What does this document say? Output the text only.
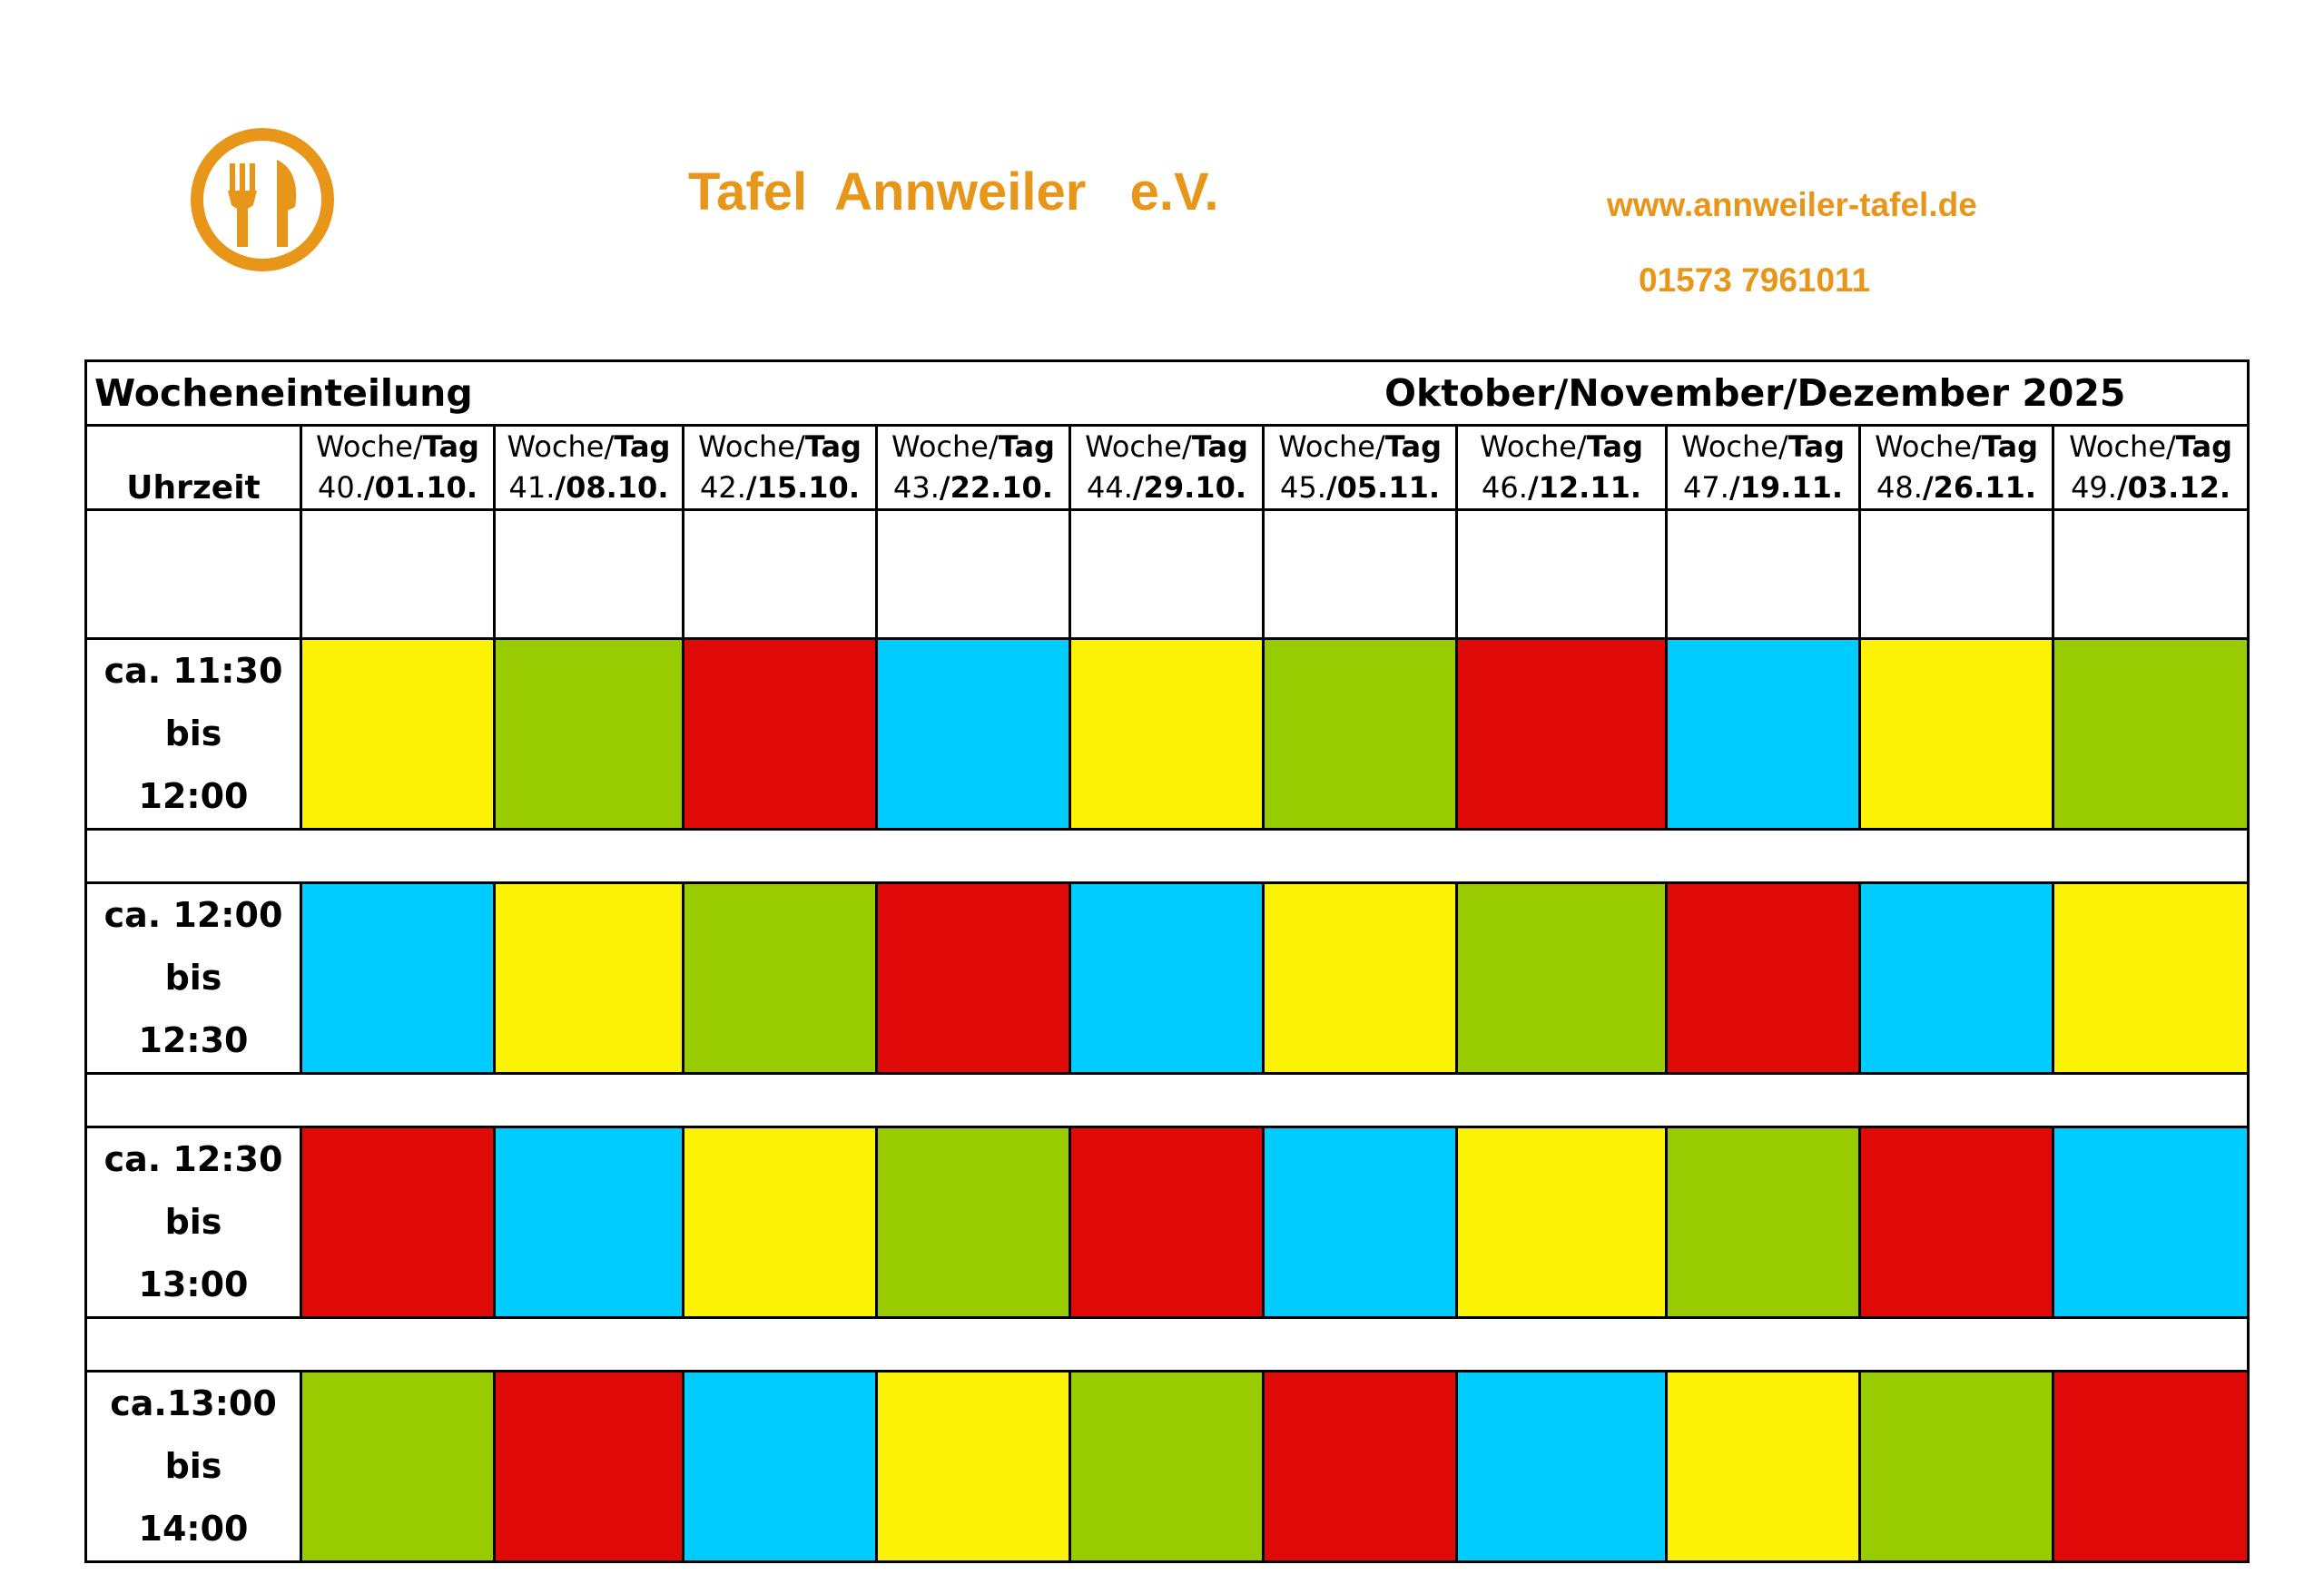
Tafel  Annweiler   e.V.	www.annweiler-tafel.de
01573 7961011
Wocheneinteilung						Oktober/November/Dezember 2025				
	Woche/Tag	Woche/Tag	Woche/Tag	Woche/Tag	Woche/Tag	Woche/Tag	Woche/Tag	Woche/Tag	Woche/Tag	Woche/Tag
Uhrzeit	40./01.10.	41./08.10.	42./15.10.	43./22.10.	44./29.10.	45./05.11.	46./12.11.	47./19.11.	48./26.11.	49./03.12.

ca. 11:30
bis
12:00										

ca. 12:00
bis
12:30										

ca. 12:30
bis
13:00										

ca.13:00
bis
14:00										
